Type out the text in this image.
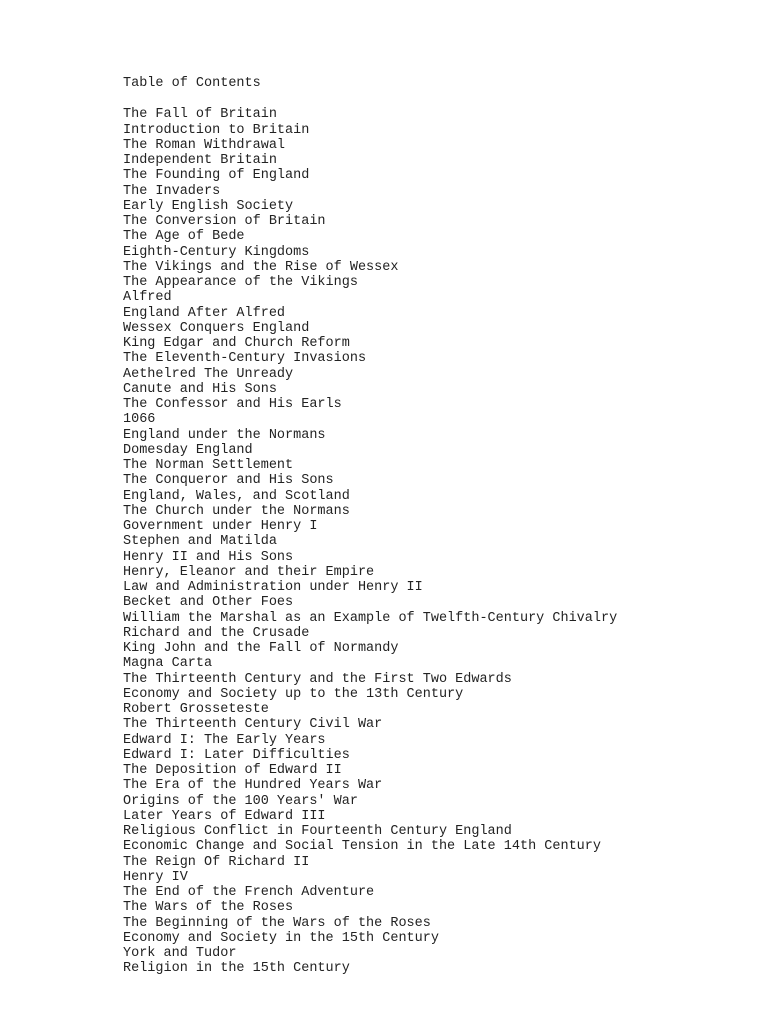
Table of Contents
The Fall of Britain
Introduction to Britain
The Roman Withdrawal
Independent Britain
The Founding of England
The Invaders
Early English Society
The Conversion of Britain
The Age of Bede
Eighth-Century Kingdoms
The Vikings and the Rise of Wessex
The Appearance of the Vikings
Alfred
England After Alfred
Wessex Conquers England
King Edgar and Church Reform
The Eleventh-Century Invasions
Aethelred The Unready
Canute and His Sons
The Confessor and His Earls
1066
England under the Normans
Domesday England
The Norman Settlement
The Conqueror and His Sons
England, Wales, and Scotland
The Church under the Normans
Government under Henry I
Stephen and Matilda
Henry II and His Sons
Henry, Eleanor and their Empire
Law and Administration under Henry II
Becket and Other Foes
William the Marshal as an Example of Twelfth-Century Chivalry
Richard and the Crusade
King John and the Fall of Normandy
Magna Carta
The Thirteenth Century and the First Two Edwards
Economy and Society up to the 13th Century
Robert Grosseteste
The Thirteenth Century Civil War
Edward I: The Early Years
Edward I: Later Difficulties
The Deposition of Edward II
The Era of the Hundred Years War
Origins of the 100 Years' War
Later Years of Edward III
Religious Conflict in Fourteenth Century England
Economic Change and Social Tension in the Late 14th Century
The Reign Of Richard II
Henry IV
The End of the French Adventure
The Wars of the Roses
The Beginning of the Wars of the Roses
Economy and Society in the 15th Century
York and Tudor
Religion in the 15th Century
